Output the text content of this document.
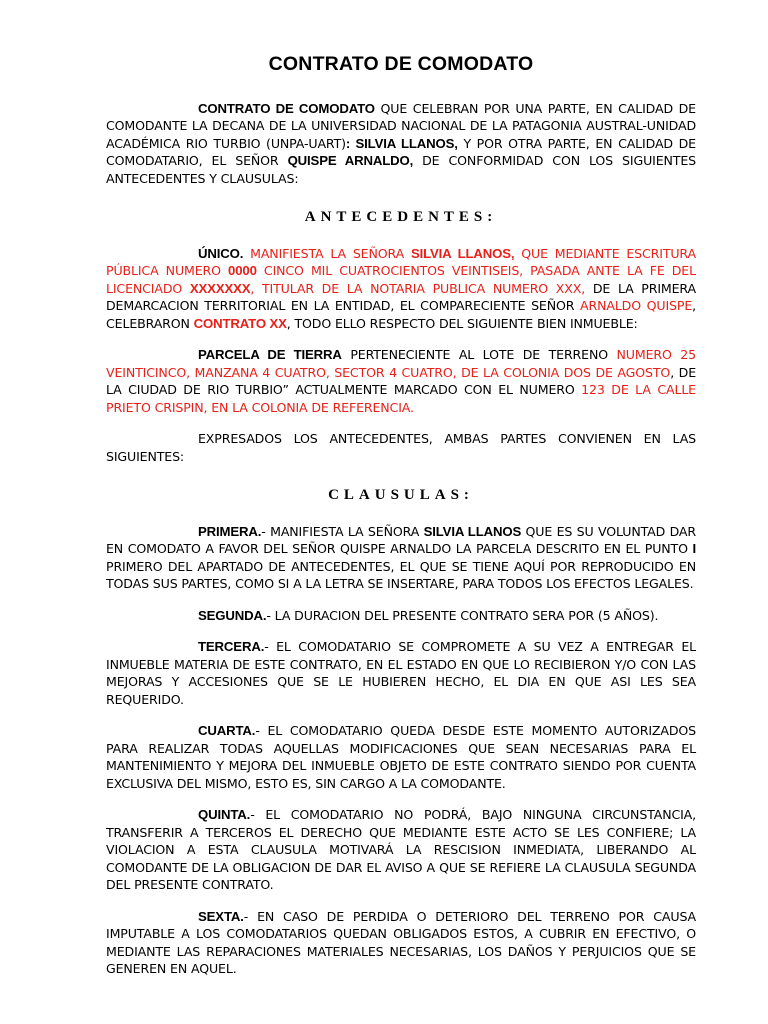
CONTRATO DE COMODATO

CONTRATO DE COMODATO QUE CELEBRAN POR UNA PARTE, EN CALIDAD DE COMODANTE LA DECANA DE LA UNIVERSIDAD NACIONAL DE LA PATAGONIA AUSTRAL-UNIDAD ACADÉMICA RIO TURBIO (UNPA-UART): SILVIA LLANOS, Y POR OTRA PARTE, EN CALIDAD DE COMODATARIO, EL SEÑOR QUISPE ARNALDO, DE CONFORMIDAD CON LOS SIGUIENTES ANTECEDENTES Y CLAUSULAS:

ANTECEDENTES:

ÚNICO. MANIFIESTA LA SEÑORA SILVIA LLANOS, QUE MEDIANTE ESCRITURA PÚBLICA NUMERO 0000 CINCO MIL CUATROCIENTOS VEINTISEIS, PASADA ANTE LA FE DEL LICENCIADO XXXXXXX, TITULAR DE LA NOTARIA PUBLICA NUMERO XXX, DE LA PRIMERA DEMARCACION TERRITORIAL EN LA ENTIDAD, EL COMPARECIENTE SEÑOR ARNALDO QUISPE, CELEBRARON CONTRATO XX, TODO ELLO RESPECTO DEL SIGUIENTE BIEN INMUEBLE:

PARCELA DE TIERRA PERTENECIENTE AL LOTE DE TERRENO NUMERO 25 VEINTICINCO, MANZANA 4 CUATRO, SECTOR 4 CUATRO, DE LA COLONIA DOS DE AGOSTO, DE LA CIUDAD DE RIO TURBIO” ACTUALMENTE MARCADO CON EL NUMERO 123 DE LA CALLE PRIETO CRISPIN, EN LA COLONIA DE REFERENCIA.

EXPRESADOS LOS ANTECEDENTES, AMBAS PARTES CONVIENEN EN LAS SIGUIENTES:

CLAUSULAS:

PRIMERA.- MANIFIESTA LA SEÑORA SILVIA LLANOS QUE ES SU VOLUNTAD DAR EN COMODATO A FAVOR DEL SEÑOR QUISPE ARNALDO LA PARCELA DESCRITO EN EL PUNTO I PRIMERO DEL APARTADO DE ANTECEDENTES, EL QUE SE TIENE AQUÍ POR REPRODUCIDO EN TODAS SUS PARTES, COMO SI A LA LETRA SE INSERTARE, PARA TODOS LOS EFECTOS LEGALES.

SEGUNDA.- LA DURACION DEL PRESENTE CONTRATO SERA POR (5 AÑOS).

TERCERA.- EL COMODATARIO SE COMPROMETE A SU VEZ A ENTREGAR EL INMUEBLE MATERIA DE ESTE CONTRATO, EN EL ESTADO EN QUE LO RECIBIERON Y/O CON LAS MEJORAS Y ACCESIONES QUE SE LE HUBIEREN HECHO, EL DIA EN QUE ASI LES SEA REQUERIDO.

CUARTA.- EL COMODATARIO QUEDA DESDE ESTE MOMENTO AUTORIZADOS PARA REALIZAR TODAS AQUELLAS MODIFICACIONES QUE SEAN NECESARIAS PARA EL MANTENIMIENTO Y MEJORA DEL INMUEBLE OBJETO DE ESTE CONTRATO SIENDO POR CUENTA EXCLUSIVA DEL MISMO, ESTO ES, SIN CARGO A LA COMODANTE.

QUINTA.- EL COMODATARIO NO PODRÁ, BAJO NINGUNA CIRCUNSTANCIA, TRANSFERIR A TERCEROS EL DERECHO QUE MEDIANTE ESTE ACTO SE LES CONFIERE; LA VIOLACION A ESTA CLAUSULA MOTIVARÁ LA RESCISION INMEDIATA, LIBERANDO AL COMODANTE DE LA OBLIGACION DE DAR EL AVISO A QUE SE REFIERE LA CLAUSULA SEGUNDA DEL PRESENTE CONTRATO.

SEXTA.- EN CASO DE PERDIDA O DETERIORO DEL TERRENO POR CAUSA IMPUTABLE A LOS COMODATARIOS QUEDAN OBLIGADOS ESTOS, A CUBRIR EN EFECTIVO, O MEDIANTE LAS REPARACIONES MATERIALES NECESARIAS, LOS DAÑOS Y PERJUICIOS QUE SE GENEREN EN AQUEL.
